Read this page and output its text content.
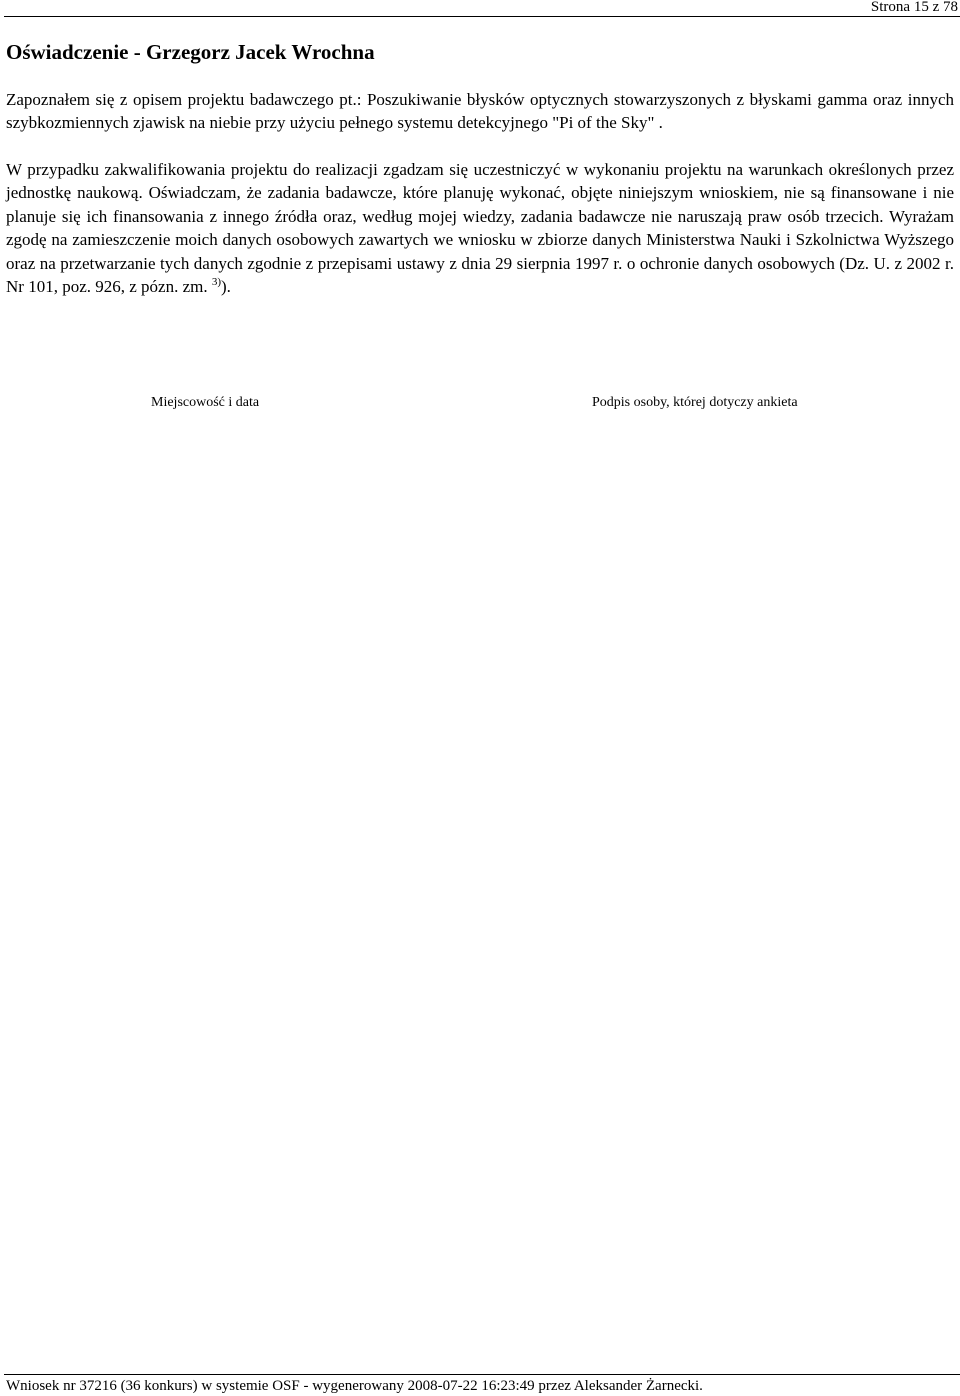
Strona 15 z 78
Oświadczenie - Grzegorz Jacek Wrochna

Zapoznałem się z opisem projektu badawczego pt.: Poszukiwanie błysków optycznych stowarzyszonych z błyskami gamma oraz innych szybkozmiennych zjawisk na niebie przy użyciu pełnego systemu detekcyjnego "Pi of the Sky" .

W przypadku zakwalifikowania projektu do realizacji zgadzam się uczestniczyć w wykonaniu projektu na warunkach określonych przez jednostkę naukową. Oświadczam, że zadania badawcze, które planuję wykonać, objęte niniejszym wnioskiem, nie są finansowane i nie planuje się ich finansowania z innego źródła oraz, według mojej wiedzy, zadania badawcze nie naruszają praw osób trzecich. Wyrażam zgodę na zamieszczenie moich danych osobowych zawartych we wniosku w zbiorze danych Ministerstwa Nauki i Szkolnictwa Wyższego oraz na przetwarzanie tych danych zgodnie z przepisami ustawy z dnia 29 sierpnia 1997 r. o ochronie danych osobowych (Dz. U. z 2002 r. Nr 101, poz. 926, z pózn. zm. $^{3)}$).

Miejscowość i data	Podpis osoby, której dotyczy ankieta
Wniosek nr 37216 (36 konkurs) w systemie OSF - wygenerowany 2008-07-22 16:23:49 przez Aleksander Żarnecki.
